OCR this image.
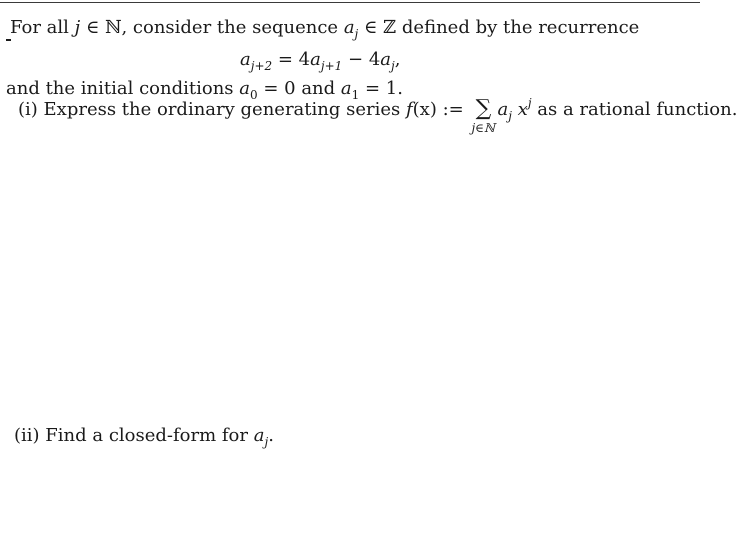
For all j ∈ ℕ, consider the sequence $a_j$ ∈ ℤ defined by the recurrence
$a_{j+2} = 4a_{j+1} - 4a_j$,
and the initial conditions $a_0 = 0$ and $a_1 = 1$.
(i) Express the ordinary generating series f(x) := ∑
j∈ℕ
$a_j$ $x^j$ as a rational function.
(ii) Find a closed-form for $a_j$.
